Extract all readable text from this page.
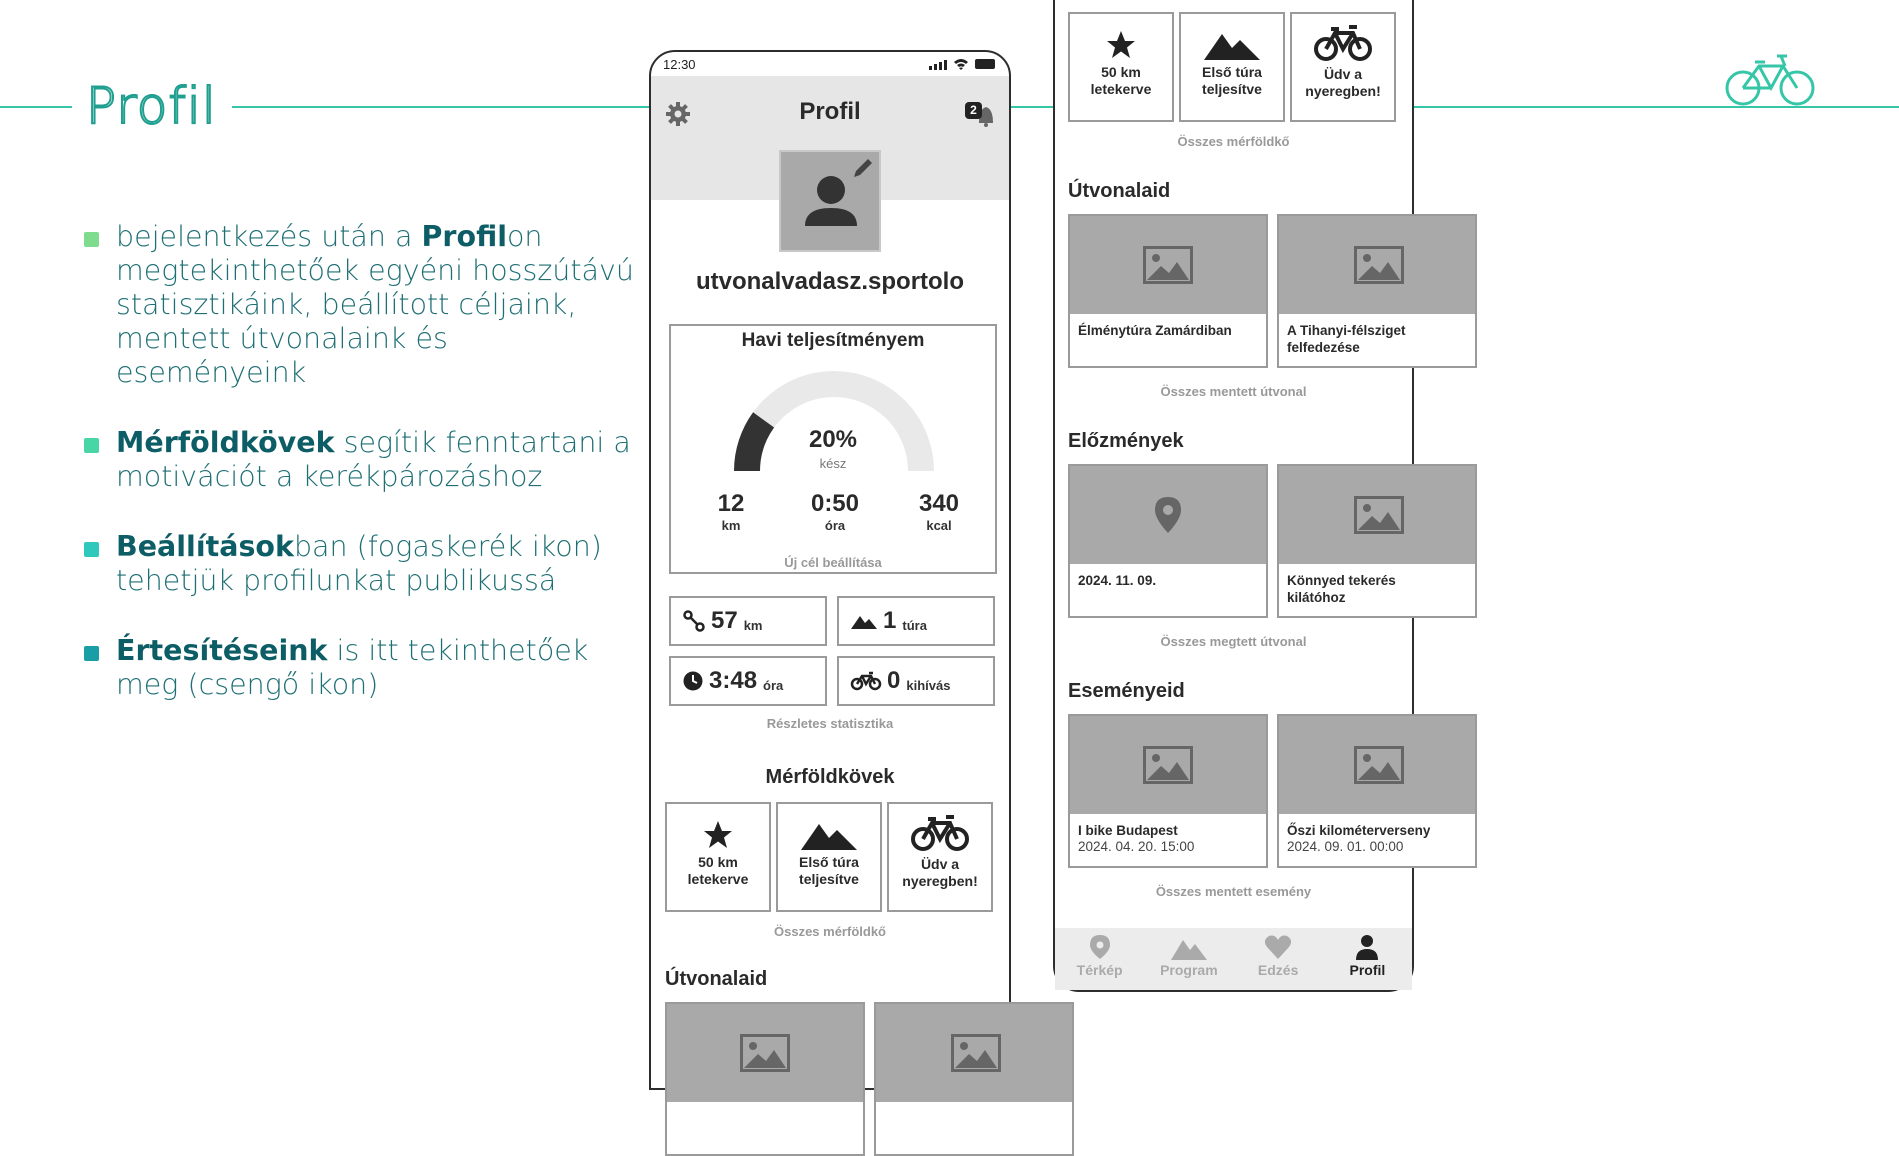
Profil
bejelentkezés után a Profilon megtekinthetőek egyéni hosszútávú statisztikáink, beállított céljaink, mentett útvonalaink és eseményeink
Mérföldkövek segítik fenntartani a motivációt a kerékpározáshoz
Beállításokban (fogaskerék ikon) tehetjük profilunkat publikussá
Értesítéseink is itt tekinthetőek meg (csengő ikon)
12:30
Profil	2
utvonalvadasz.sportolo
Havi teljesítményem
20%
kész
12
km
0:50
óra
340
kcal
Új cél beállítása
57 km	1 túra
3:48 óra	0 kihívás
Részletes statisztika
Mérföldkövek
50 km
letekerve
Első túra
teljesítve
Üdv a
nyeregben!
Összes mérföldkő
Útvonalaid
50 km
letekerve
Első túra
teljesítve
Üdv a
nyeregben!
Összes mérföldkő
Útvonalaid
Élménytúra Zamárdiban	A Tihanyi-félsziget
felfedezése
Összes mentett útvonal
Előzmények
2024. 11. 09.	Könnyed tekerés
kilátóhoz
Összes megtett útvonal
Eseményeid
I bike Budapest
2024. 04. 20. 15:00
Őszi kilométerverseny
2024. 09. 01. 00:00
Összes mentett esemény
Térkép	Program	Edzés	Profil
